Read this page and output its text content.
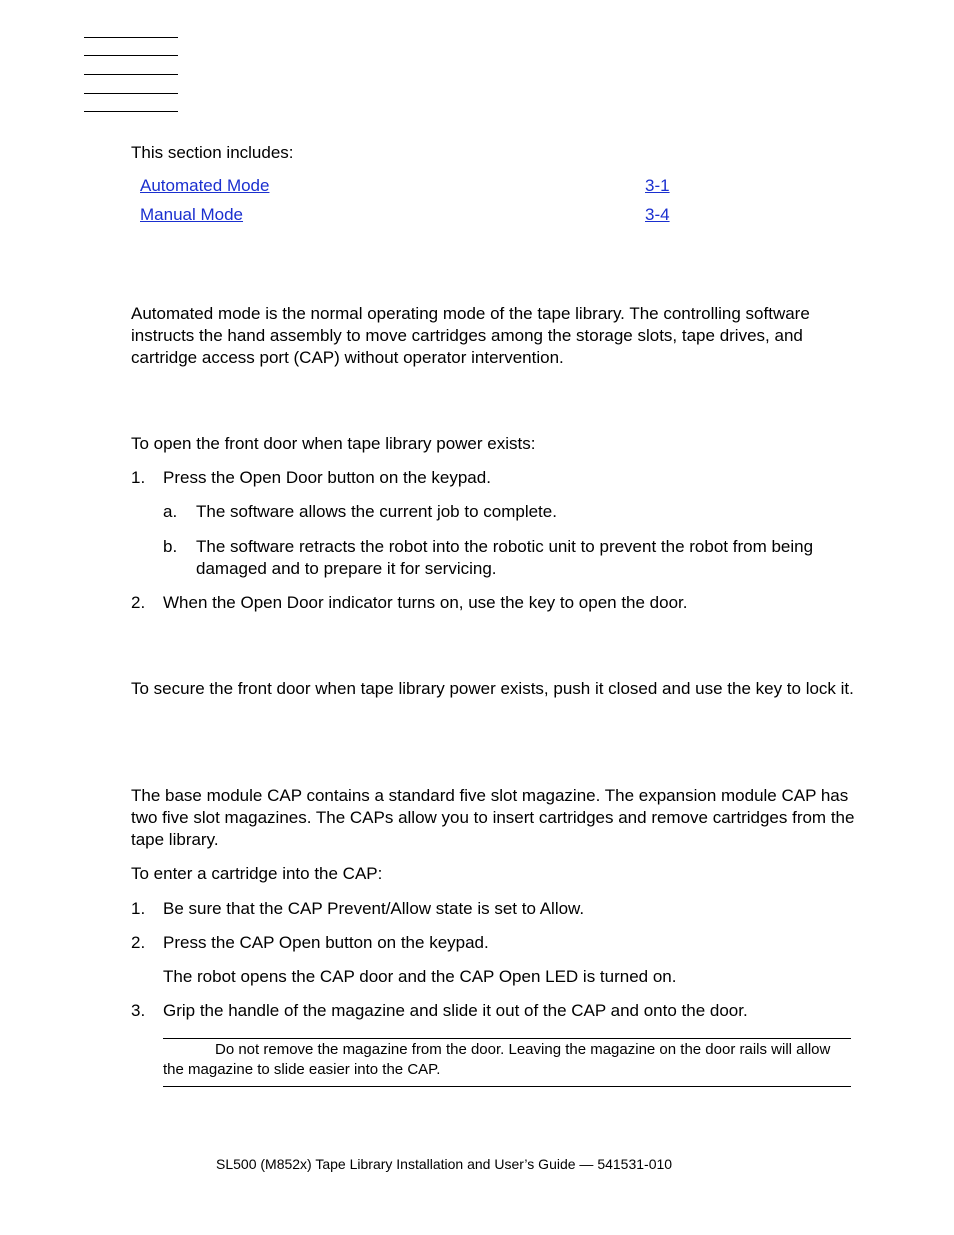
This section includes:
Automated Mode	3-1
Manual Mode	3-4

Automated mode is the normal operating mode of the tape library. The controlling software instructs the hand assembly to move cartridges among the storage slots, tape drives, and cartridge access port (CAP) without operator intervention.

To open the front door when tape library power exists:

1. Press the Open Door button on the keypad.
a. The software allows the current job to complete.
b. The software retracts the robot into the robotic unit to prevent the robot from being damaged and to prepare it for servicing.
2. When the Open Door indicator turns on, use the key to open the door.

To secure the front door when tape library power exists, push it closed and use the key to lock it.

The base module CAP contains a standard five slot magazine. The expansion module CAP has two five slot magazines. The CAPs allow you to insert cartridges and remove cartridges from the tape library.

To enter a cartridge into the CAP:

1. Be sure that the CAP Prevent/Allow state is set to Allow.
2. Press the CAP Open button on the keypad.
The robot opens the CAP door and the CAP Open LED is turned on.
3. Grip the handle of the magazine and slide it out of the CAP and onto the door.
Do not remove the magazine from the door. Leaving the magazine on the door rails will allow the magazine to slide easier into the CAP.
SL500 (M852x) Tape Library Installation and User’s Guide — 541531-010
